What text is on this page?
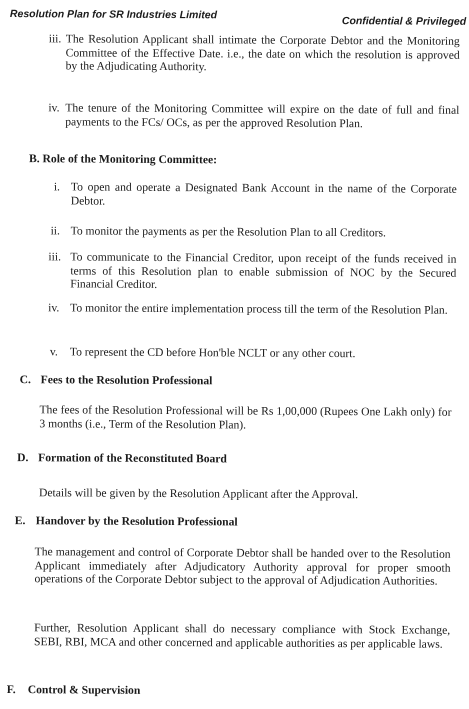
Resolution Plan for SR Industries Limited
Confidential & Privileged
iii. The Resolution Applicant shall intimate the Corporate Debtor and the Monitoring Committee of the Effective Date. i.e., the date on which the resolution is approved by the Adjudicating Authority.
iv. The tenure of the Monitoring Committee will expire on the date of full and final payments to the FCs/ OCs, as per the approved Resolution Plan.
B. Role of the Monitoring Committee:
i. To open and operate a Designated Bank Account in the name of the Corporate Debtor.
ii. To monitor the payments as per the Resolution Plan to all Creditors.
iii. To communicate to the Financial Creditor, upon receipt of the funds received in terms of this Resolution plan to enable submission of NOC by the Secured Financial Creditor.
iv. To monitor the entire implementation process till the term of the Resolution Plan.
v. To represent the CD before Hon'ble NCLT or any other court.
C. Fees to the Resolution Professional
The fees of the Resolution Professional will be Rs 1,00,000 (Rupees One Lakh only) for 3 months (i.e., Term of the Resolution Plan).
D. Formation of the Reconstituted Board
Details will be given by the Resolution Applicant after the Approval.
E. Handover by the Resolution Professional
The management and control of Corporate Debtor shall be handed over to the Resolution Applicant immediately after Adjudicatory Authority approval for proper smooth operations of the Corporate Debtor subject to the approval of Adjudication Authorities.
Further, Resolution Applicant shall do necessary compliance with Stock Exchange, SEBI, RBI, MCA and other concerned and applicable authorities as per applicable laws.
F. Control & Supervision
